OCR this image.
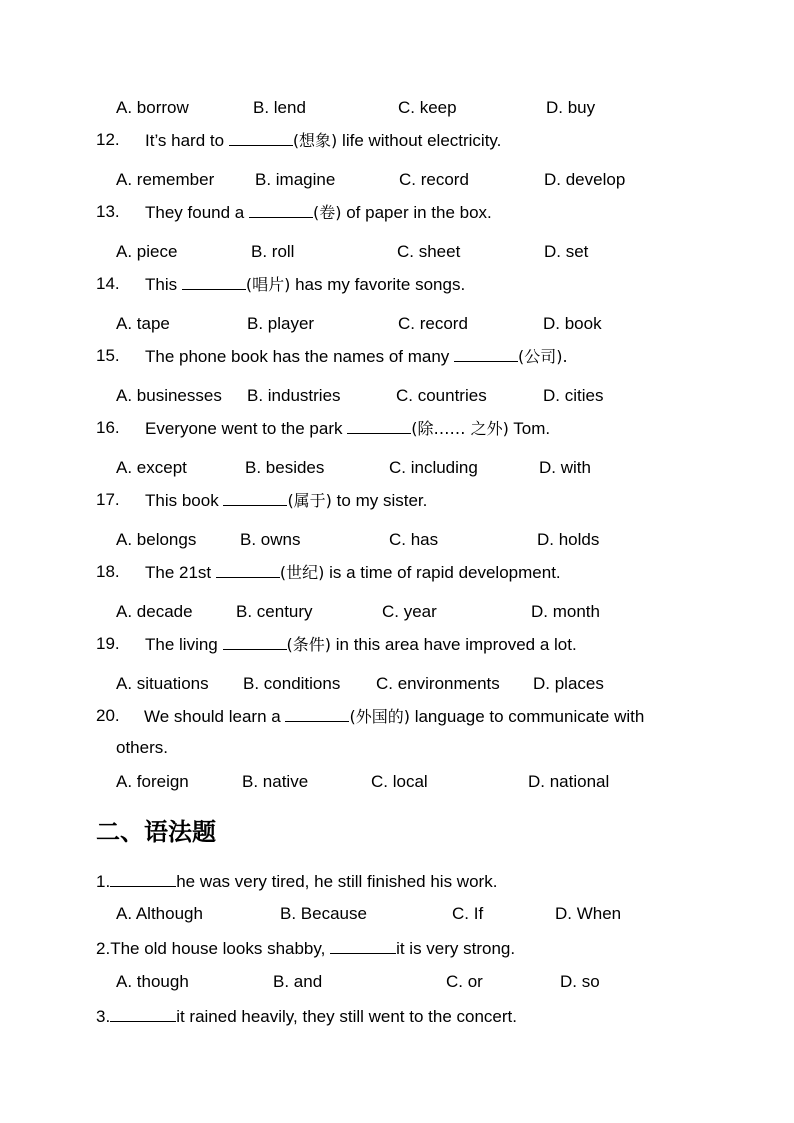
A. borrow	B. lend	C. keep	D. buy
12. It’s hard to	(想象) life without electricity.
A. remember B. imagine	C. record	D. develop
13. They found a	(卷) of paper in the box.
A. piece	B. roll	C. sheet	D. set
14. This	(唱片) has my favorite songs.
A. tape	B. player	C. record	D. book
15. The phone book has the names of many	(公司).
A. businesses B. industries	C. countries	D. cities
16. Everyone went to the park	(除…… 之外) Tom.
A. except	B. besides	C. including	D. with
17. This book	(属于) to my sister.
A. belongs	B. owns	C. has	D. holds
18. The 21st	(世纪) is a time of rapid development.
A. decade	B. century	C. year	D. month
19. The living	(条件) in this area have improved a lot.
A. situations B. conditions C. environments D. places
20. We should learn a	(外国的) language to communicate with
others.
A. foreign	B. native	C. local	D. national
二、语法题
1.	he was very tired, he still finished his work.
A. Although	B. Because	C. If	D. When
2.The old house looks shabby,	it is very strong.
A. though	B. and	C. or	D. so
3.	it rained heavily, they still went to the concert.
